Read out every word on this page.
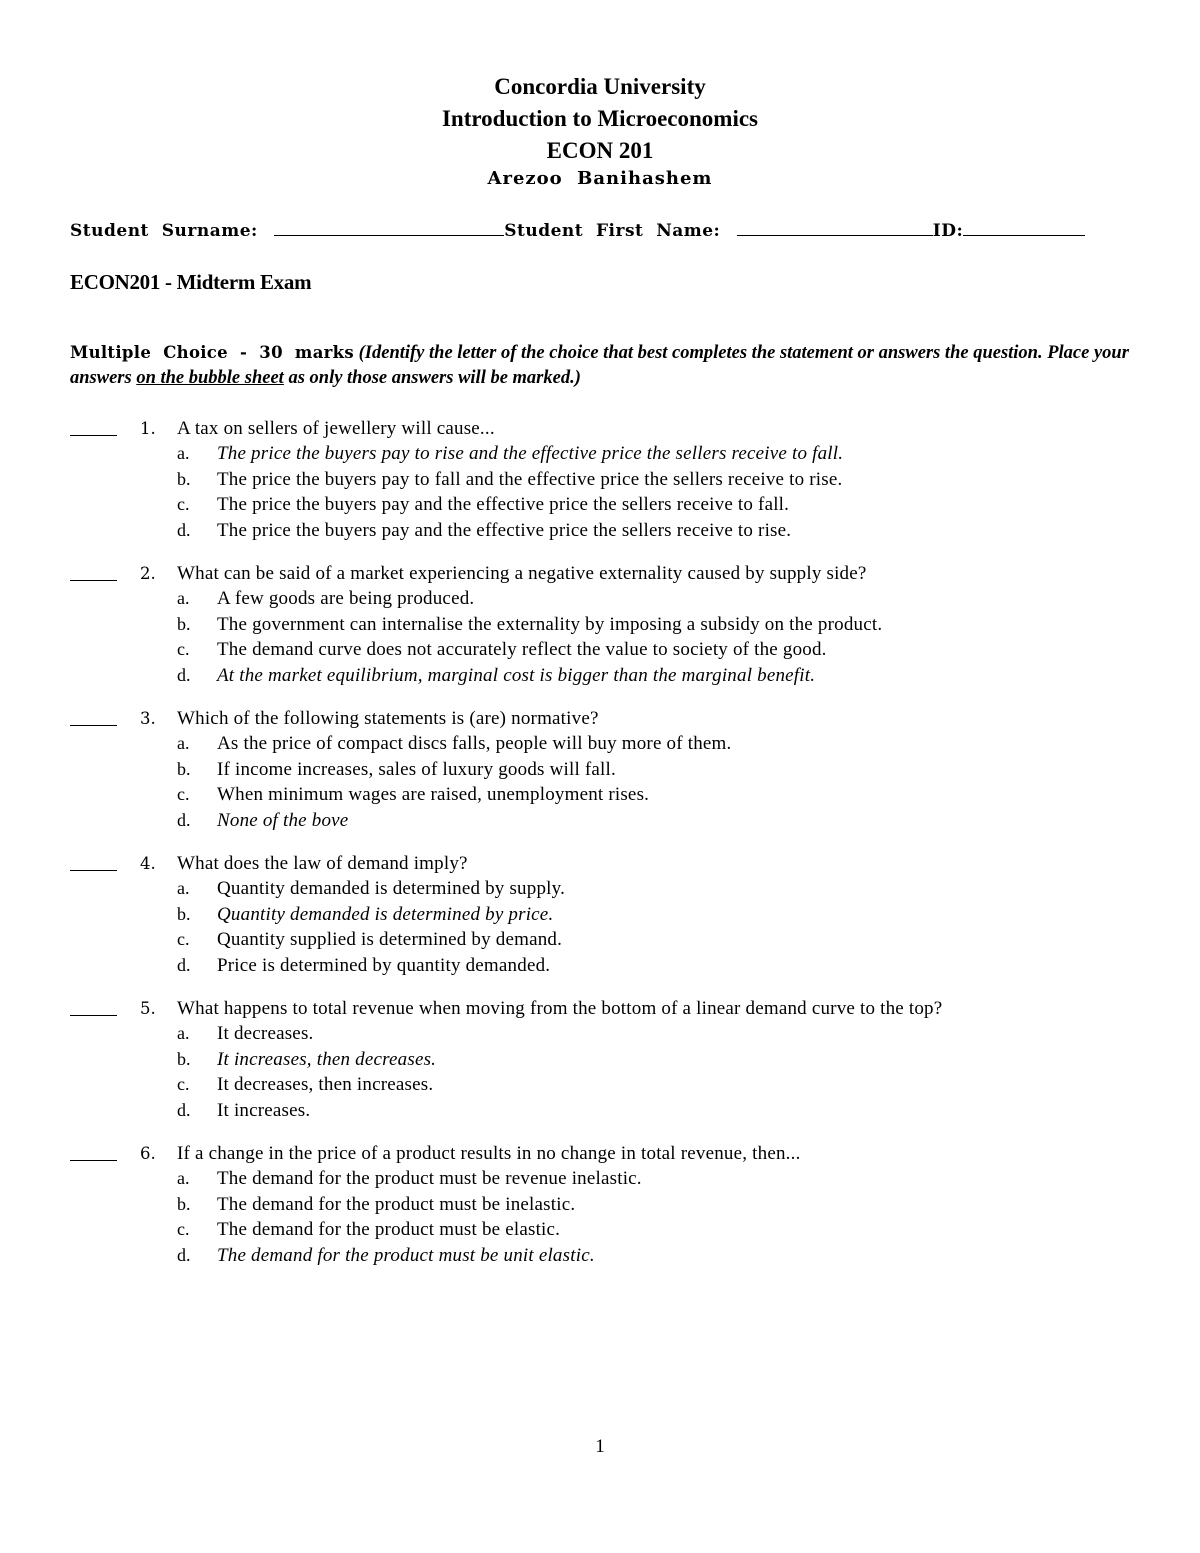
Concordia University
Introduction to Microeconomics
ECON 201
Arezoo  Banihashem
Student  Surname:	Student  First  Name:	ID:
ECON201 - Midterm Exam
Multiple  Choice  -  30  marks (Identify the letter of the choice that best completes the statement or answers the question. Place your answers on the bubble sheet as only those answers will be marked.)
1. A tax on sellers of jewellery will cause...
a. The price the buyers pay to rise and the effective price the sellers receive to fall.
b. The price the buyers pay to fall and the effective price the sellers receive to rise.
c. The price the buyers pay and the effective price the sellers receive to fall.
d. The price the buyers pay and the effective price the sellers receive to rise.
2. What can be said of a market experiencing a negative externality caused by supply side?
a. A few goods are being produced.
b. The government can internalise the externality by imposing a subsidy on the product.
c. The demand curve does not accurately reflect the value to society of the good.
d. At the market equilibrium, marginal cost is bigger than the marginal benefit.
3. Which of the following statements is (are) normative?
a. As the price of compact discs falls, people will buy more of them.
b. If income increases, sales of luxury goods will fall.
c. When minimum wages are raised, unemployment rises.
d. None of the bove
4. What does the law of demand imply?
a. Quantity demanded is determined by supply.
b. Quantity demanded is determined by price.
c. Quantity supplied is determined by demand.
d. Price is determined by quantity demanded.
5. What happens to total revenue when moving from the bottom of a linear demand curve to the top?
a. It decreases.
b. It increases, then decreases.
c. It decreases, then increases.
d. It increases.
6. If a change in the price of a product results in no change in total revenue, then...
a. The demand for the product must be revenue inelastic.
b. The demand for the product must be inelastic.
c. The demand for the product must be elastic.
d. The demand for the product must be unit elastic.
1
